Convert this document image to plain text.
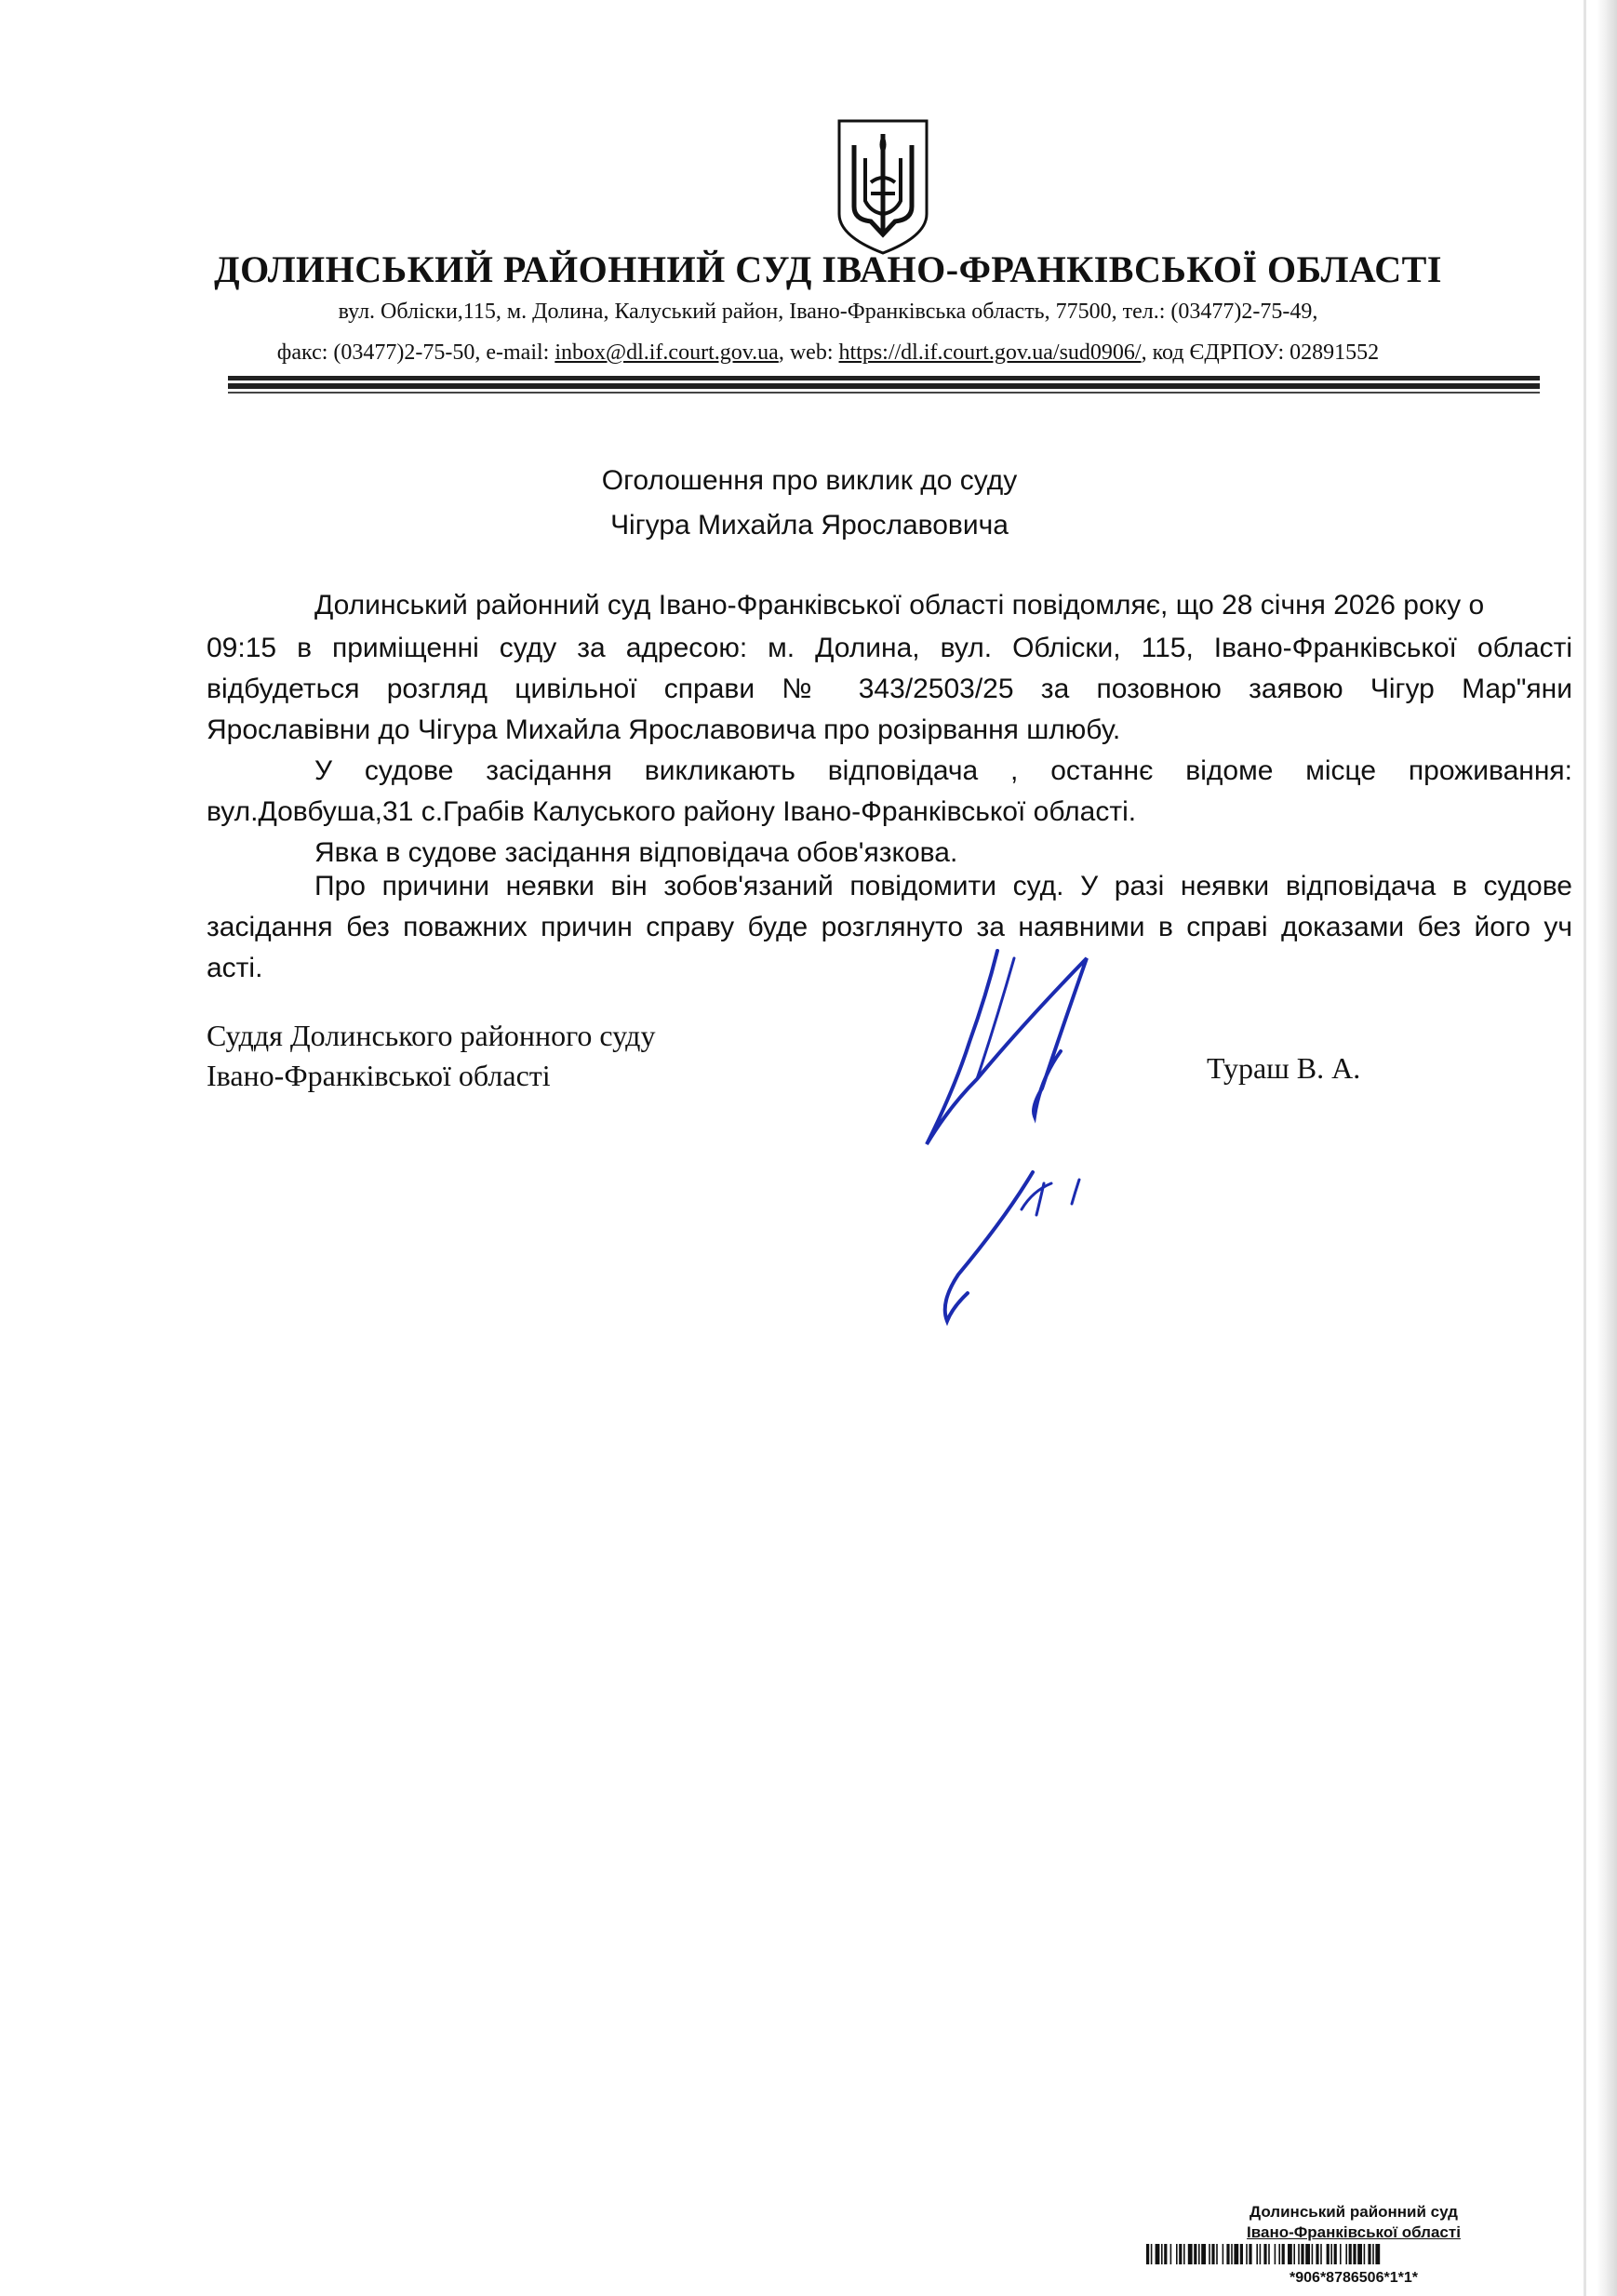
ДОЛИНСЬКИЙ РАЙОННИЙ СУД ІВАНО-ФРАНКІВСЬКОЇ ОБЛАСТІ
вул. Обліски,115, м. Долина, Калуський район, Івано-Франківська область, 77500, тел.: (03477)2-75-49,
факс: (03477)2-75-50, e-mail: inbox@dl.if.court.gov.ua, web: https://dl.if.court.gov.ua/sud0906/, код ЄДРПОУ: 02891552
Оголошення про виклик до суду
Чігура Михайла Ярославовича
Долинський районний суд Івано-Франківської області повідомляє, що 28 січня 2026 року о
09:15 в приміщенні суду за адресою: м. Долина, вул. Обліски, 115, Івано-Франківської області
відбудеться розгляд цивільної справи № 343/2503/25 за позовною заявою Чігур Мар"яни
Ярославівни до Чігура Михайла Ярославовича про розірвання шлюбу.
У судове засідання викликають відповідача , останнє відоме місце проживання:
вул.Довбуша,31 с.Грабів Калуського району Івано-Франківської області.
Явка в судове засідання відповідача обов'язкова.
Про причини неявки він зобов'язаний повідомити суд. У разі неявки відповідача в судове
засідання без поважних причин справу буде розглянуто за наявними в справі доказами без його уч
асті.
Суддя Долинського районного суду
Івано-Франківської області	Тураш В. А.
Долинський районний суд
Івано-Франківської області
*906*8786506*1*1*
